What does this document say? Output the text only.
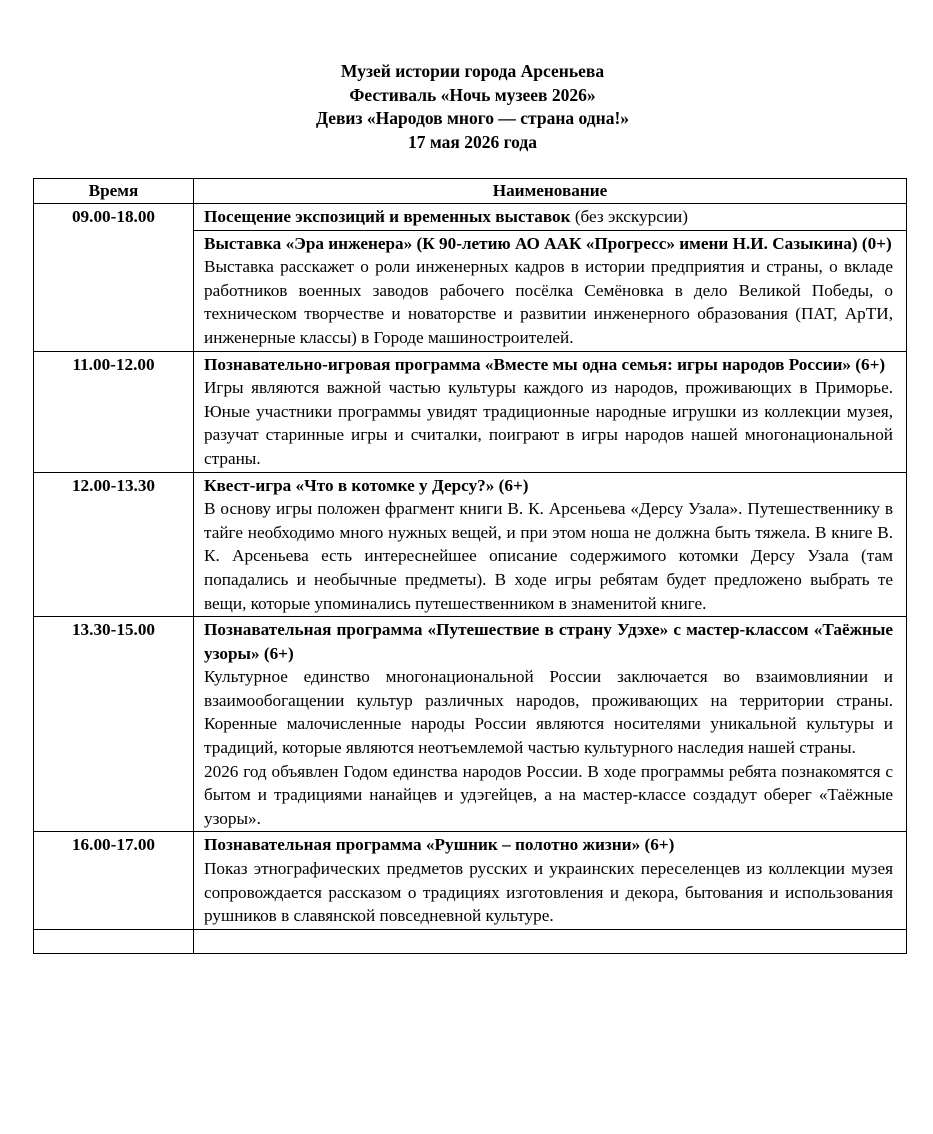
Музей истории города Арсеньева
Фестиваль «Ночь музеев 2026»
Девиз «Народов много — страна одна!»
17 мая 2026 года
Время	Наименование
09.00-18.00	Посещение экспозиций и временных выставок (без экскурсии)

	Выставка «Эра инженера» (К 90-летию АО ААК «Прогресс» имени Н.И. Сазыкина) (0+)
Выставка расскажет о роли инженерных кадров в истории предприятия и страны, о вкладе работников военных заводов рабочего посёлка Семёновка в дело Великой Победы, о техническом творчестве и новаторстве и развитии инженерного образования (ПАТ, АрТИ, инженерные классы) в Городе машиностроителей.

11.00-12.00	Познавательно-игровая программа «Вместе мы одна семья: игры народов России» (6+)
Игры являются важной частью культуры каждого из народов, проживающих в Приморье. Юные участники программы увидят традиционные народные игрушки из коллекции музея, разучат старинные игры и считалки, поиграют в игры народов нашей многонациональной страны.

12.00-13.30	Квест-игра «Что в котомке у Дерсу?» (6+)
В основу игры положен фрагмент книги В. К. Арсеньева «Дерсу Узала». Путешественнику в тайге необходимо много нужных вещей, и при этом ноша не должна быть тяжела. В книге В. К. Арсеньева есть интереснейшее описание содержимого котомки Дерсу Узала (там попадались и необычные предметы). В ходе игры ребятам будет предложено выбрать те вещи, которые упоминались путешественником в знаменитой книге.

13.30-15.00	Познавательная программа «Путешествие в страну Удэхе» с мастер-классом «Таёжные узоры» (6+)
Культурное единство многонациональной России заключается во взаимовлиянии и взаимообогащении культур различных народов, проживающих на территории страны. Коренные малочисленные народы России являются носителями уникальной культуры и традиций, которые являются неотъемлемой частью культурного наследия нашей страны.
2026 год объявлен Годом единства народов России. В ходе программы ребята познакомятся с бытом и традициями нанайцев и удэгейцев, а на мастер-классе создадут оберег «Таёжные узоры».

16.00-17.00	Познавательная программа «Рушник – полотно жизни» (6+)
Показ этнографических предметов русских и украинских переселенцев из коллекции музея сопровождается рассказом о традициях изготовления и декора, бытования и использования рушников в славянской повседневной культуре.
